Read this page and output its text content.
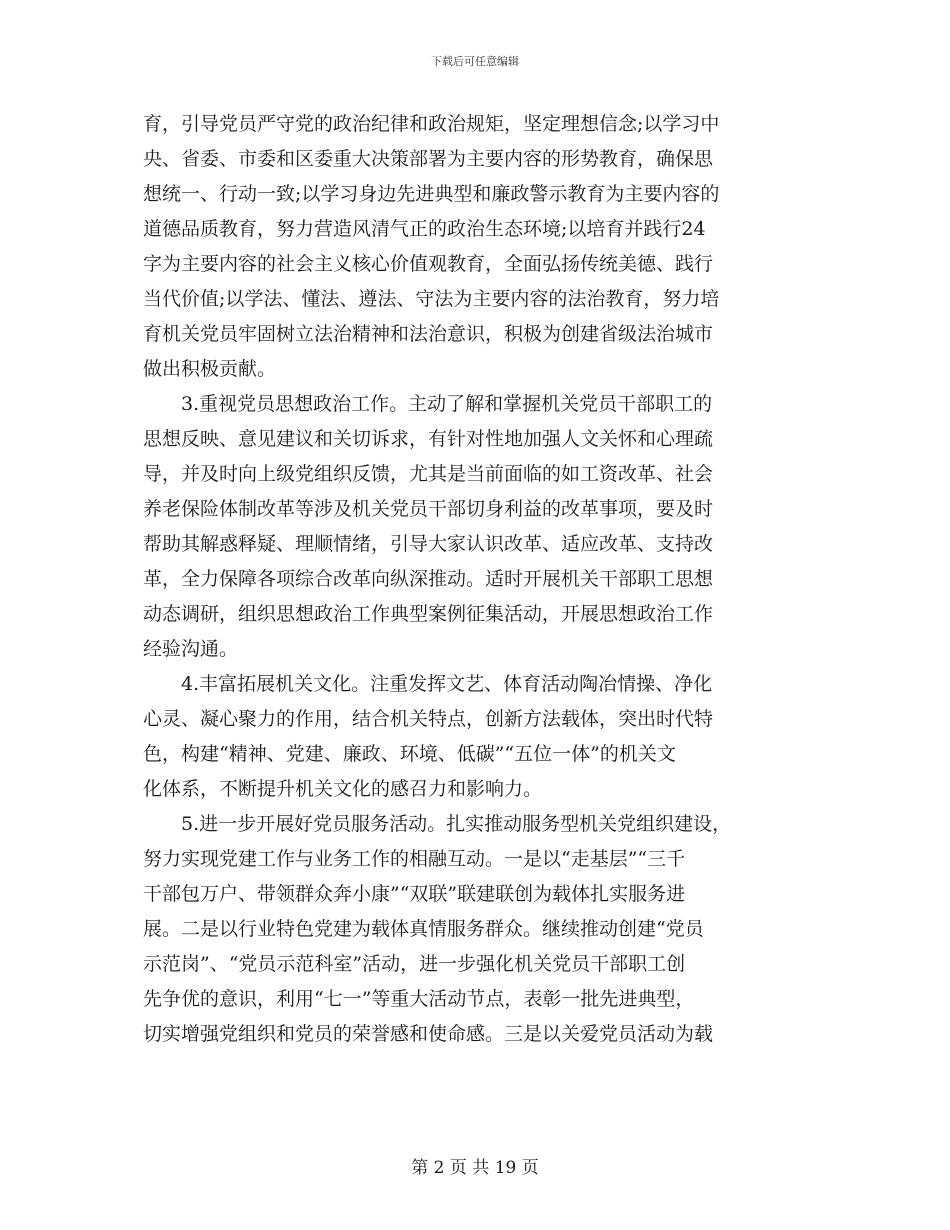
下载后可任意编辑
育，引导党员严守党的政治纪律和政治规矩，坚定理想信念;以学习中
央、省委、市委和区委重大决策部署为主要内容的形势教育，确保思
想统一、行动一致;以学习身边先进典型和廉政警示教育为主要内容的
道德品质教育，努力营造风清气正的政治生态环境;以培育并践行24
字为主要内容的社会主义核心价值观教育，全面弘扬传统美德、践行
当代价值;以学法、懂法、遵法、守法为主要内容的法治教育，努力培
育机关党员牢固树立法治精神和法治意识，积极为创建省级法治城市
做出积极贡献。
3.重视党员思想政治工作。主动了解和掌握机关党员干部职工的
思想反映、意见建议和关切诉求，有针对性地加强人文关怀和心理疏
导，并及时向上级党组织反馈，尤其是当前面临的如工资改革、社会
养老保险体制改革等涉及机关党员干部切身利益的改革事项，要及时
帮助其解惑释疑、理顺情绪，引导大家认识改革、适应改革、支持改
革，全力保障各项综合改革向纵深推动。适时开展机关干部职工思想
动态调研，组织思想政治工作典型案例征集活动，开展思想政治工作
经验沟通。
4.丰富拓展机关文化。注重发挥文艺、体育活动陶冶情操、净化
心灵、凝心聚力的作用，结合机关特点，创新方法载体，突出时代特
色，构建“精神、党建、廉政、环境、低碳”“五位一体”的机关文
化体系，不断提升机关文化的感召力和影响力。
5.进一步开展好党员服务活动。扎实推动服务型机关党组织建设，
努力实现党建工作与业务工作的相融互动。一是以“走基层”“三千
干部包万户、带领群众奔小康”“双联”联建联创为载体扎实服务进
展。二是以行业特色党建为载体真情服务群众。继续推动创建“党员
示范岗”、“党员示范科室”活动，进一步强化机关党员干部职工创
先争优的意识，利用“七一”等重大活动节点，表彰一批先进典型，
切实增强党组织和党员的荣誉感和使命感。三是以关爱党员活动为载
第 2 页 共 19 页
